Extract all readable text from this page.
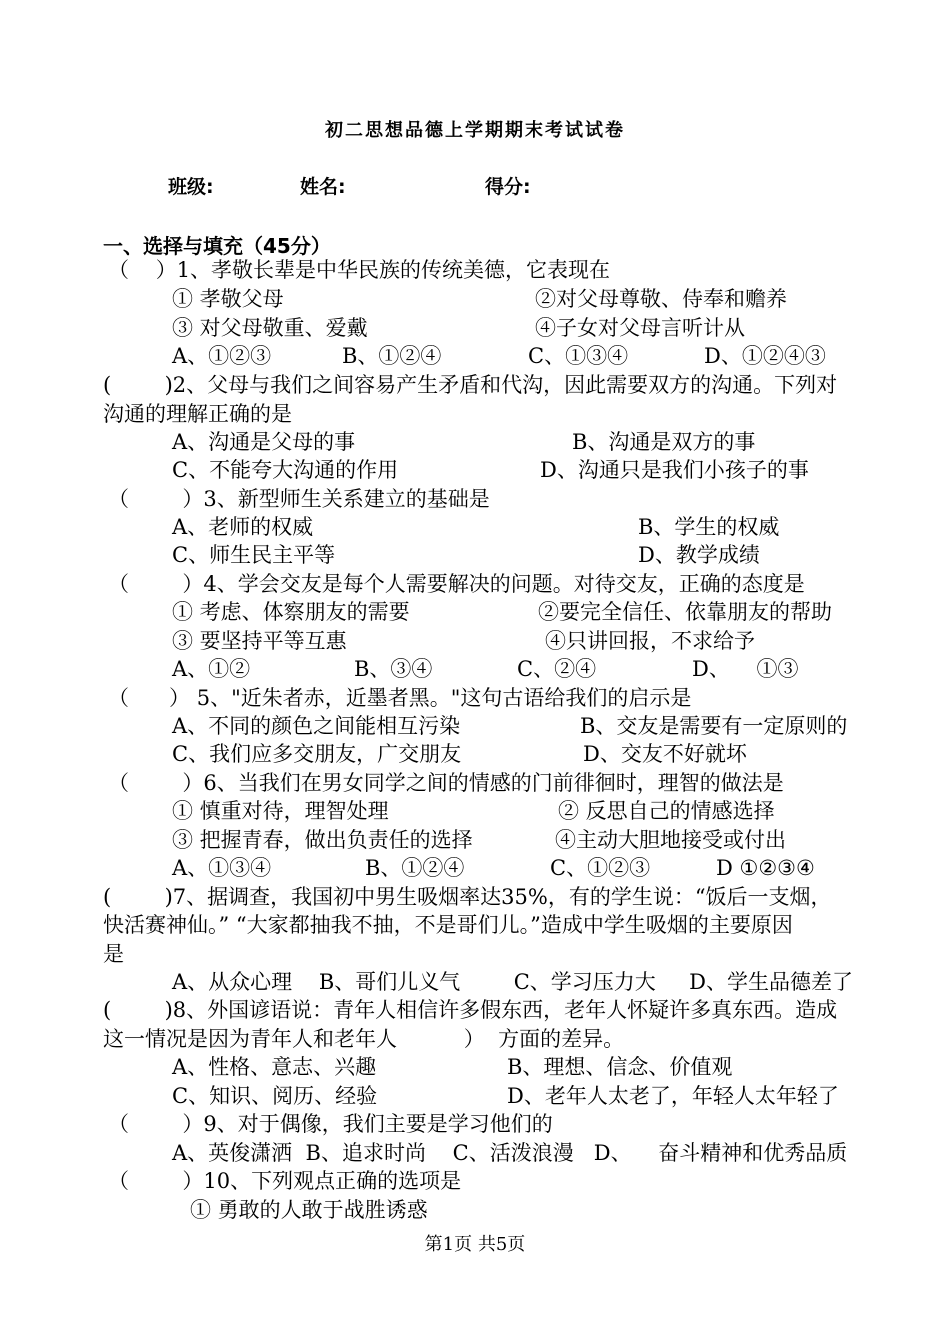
初二思想品德上学期期末考试试卷
班级:	姓名:	得分:
一、选择与填充（45分）
（    ）1、孝敬长辈是中华民族的传统美德，它表现在
① 孝敬父母	②对父母尊敬、侍奉和赡养
③ 对父母敬重、爱戴	④子女对父母言听计从
A、①②③	B、①②④	C、①③④	D、①②④③
(        )2、父母与我们之间容易产生矛盾和代沟，因此需要双方的沟通。下列对
沟通的理解正确的是
A、沟通是父母的事	B、沟通是双方的事
C、不能夸大沟通的作用	D、沟通只是我们小孩子的事
（        ）3、新型师生关系建立的基础是
A、老师的权威	B、学生的权威
C、师生民主平等	D、教学成绩
（        ）4、学会交友是每个人需要解决的问题。对待交友，正确的态度是
① 考虑、体察朋友的需要	②要完全信任、依靠朋友的帮助
③ 要坚持平等互惠	④只讲回报，不求给予
A、①②	B、③④	C、②④	D、    ①③
（      ） 5、"近朱者赤，近墨者黑。"这句古语给我们的启示是
A、不同的颜色之间能相互污染	B、交友是需要有一定原则的
C、我们应多交朋友，广交朋友	D、交友不好就坏
（        ）6、当我们在男女同学之间的情感的门前徘徊时，理智的做法是
① 慎重对待，理智处理	② 反思自己的情感选择
③ 把握青春，做出负责任的选择	④主动大胆地接受或付出
A、①③④	B、①②④	C、①②③	D ①②③④
(        )7、据调查，我国初中男生吸烟率达35%，有的学生说：“饭后一支烟，
快活赛神仙。” “大家都抽我不抽，不是哥们儿。”造成中学生吸烟的主要原因
是
A、从众心理    B、哥们儿义气        C、学习压力大     D、学生品德差了
(        )8、外国谚语说：青年人相信许多假东西，老年人怀疑许多真东西。造成
这一情况是因为青年人和老年人          ）  方面的差异。
A、性格、意志、兴趣	B、理想、信念、价值观
C、知识、阅历、经验	D、老年人太老了，年轻人太年轻了
（        ）9、对于偶像，我们主要是学习他们的
A、英俊潇洒  B、追求时尚    C、活泼浪漫   D、    奋斗精神和优秀品质
（        ）10、下列观点正确的选项是
① 勇敢的人敢于战胜诱惑
第1页 共5页
